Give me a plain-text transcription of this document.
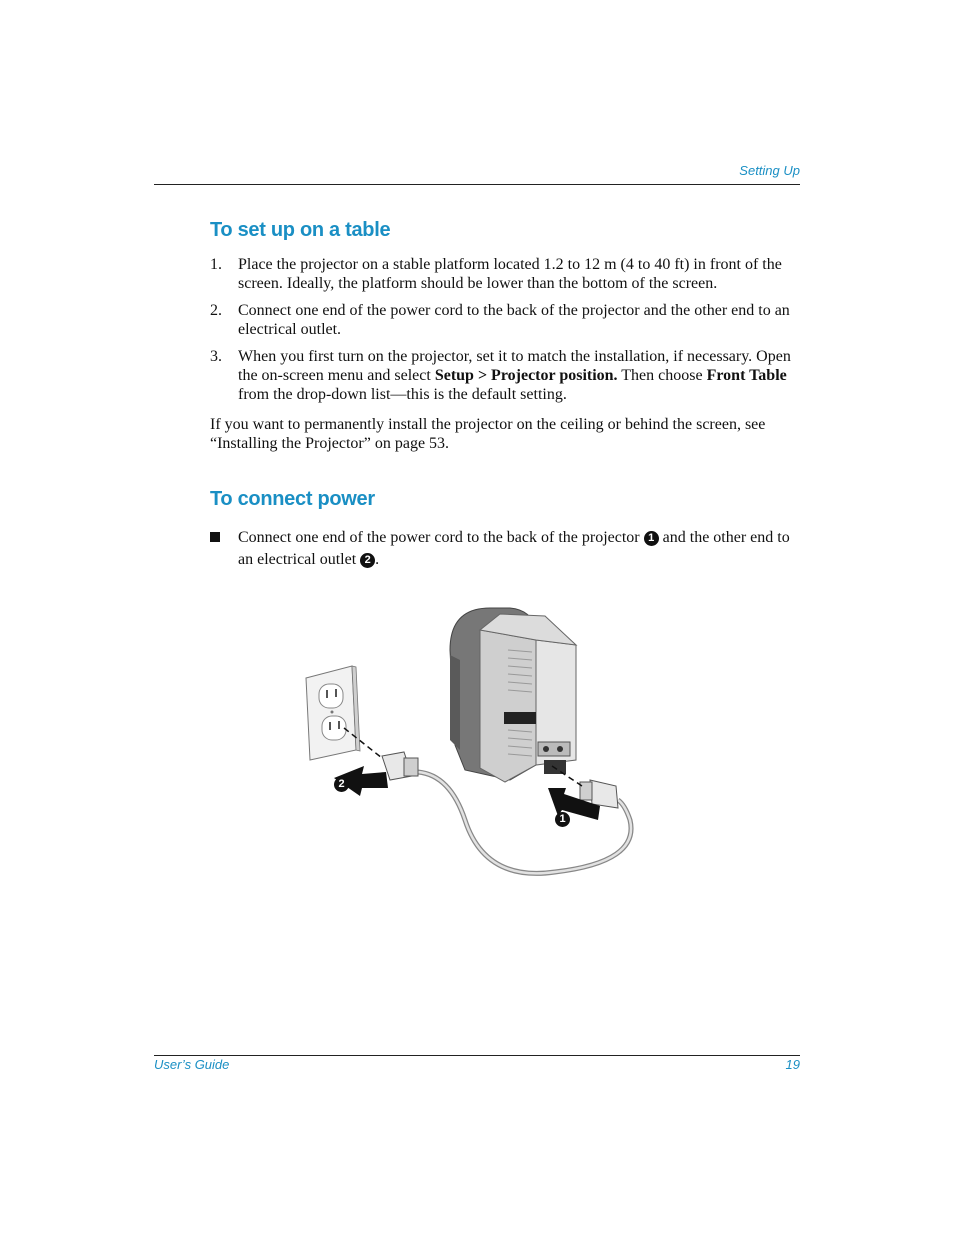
Setting Up
To set up on a table
1. Place the projector on a stable platform located 1.2 to 12 m (4 to 40 ft) in front of the screen. Ideally, the platform should be lower than the bottom of the screen.
2. Connect one end of the power cord to the back of the projector and the other end to an electrical outlet.
3. When you first turn on the projector, set it to match the installation, if necessary. Open the on-screen menu and select Setup > Projector position. Then choose Front Table from the drop-down list—this is the default setting.

If you want to permanently install the projector on the ceiling or behind the screen, see “Installing the Projector” on page 53.

To connect power

Connect one end of the power cord to the back of the projector 1 and the other end to an electrical outlet 2 .

2
1
User’s Guide	19
